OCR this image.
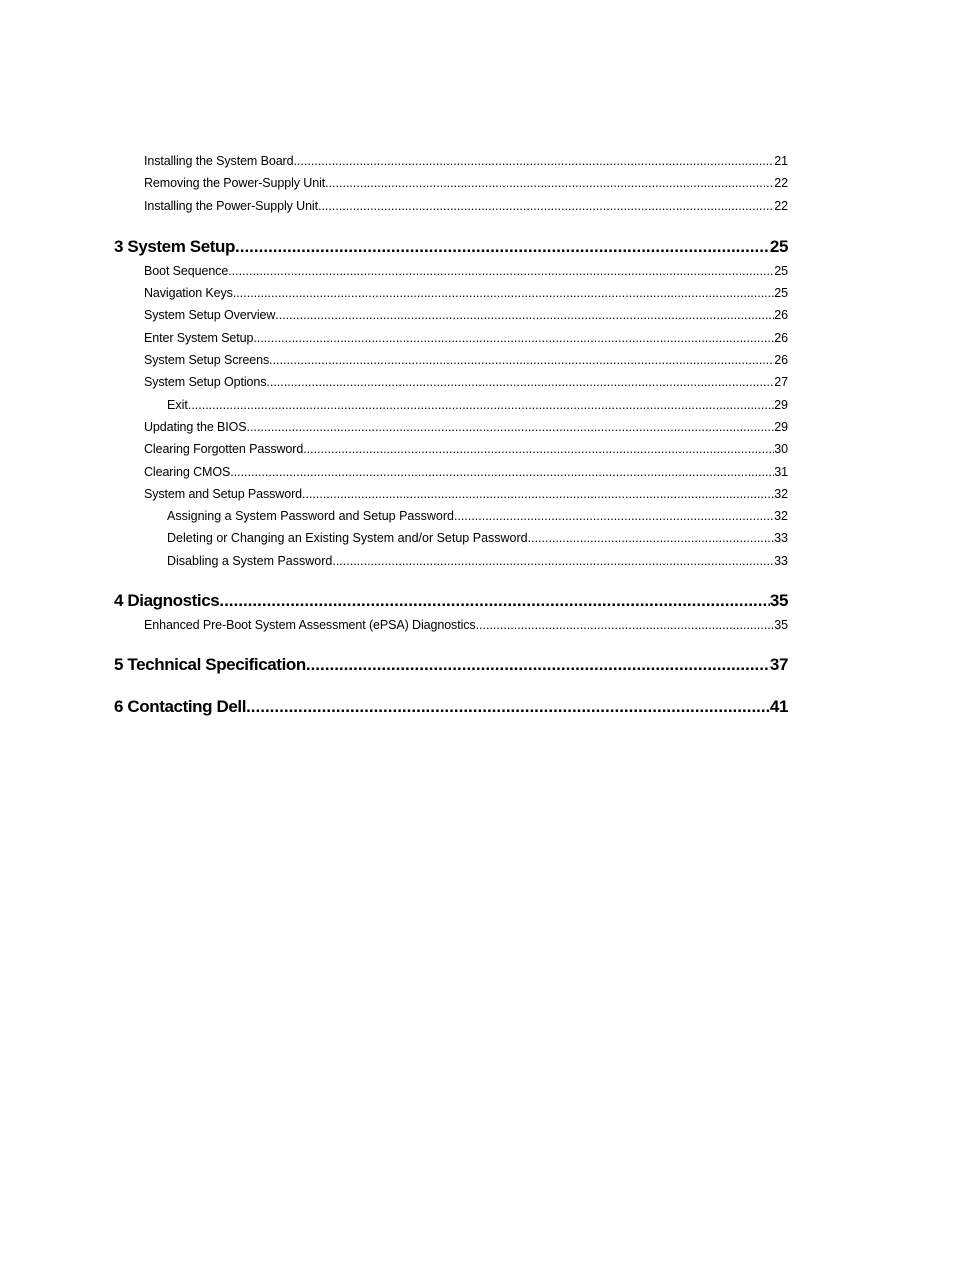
Installing the System Board .....	21
Removing the Power-Supply Unit .....	22
Installing the Power-Supply Unit .....	22
3 System Setup .....	25
Boot Sequence .....	25
Navigation Keys .....	25
System Setup Overview .....	26
Enter System Setup .....	26
System Setup Screens .....	26
System Setup Options .....	27
Exit .....	29
Updating the BIOS .....	29
Clearing Forgotten Password .....	30
Clearing CMOS .....	31
System and Setup Password .....	32
Assigning a System Password and Setup Password .....	32
Deleting or Changing an Existing System and/or Setup Password .....	33
Disabling a System Password .....	33
4 Diagnostics .....	35
Enhanced Pre-Boot System Assessment (ePSA) Diagnostics .....	35
5 Technical Specification .....	37
6 Contacting Dell .....	41
